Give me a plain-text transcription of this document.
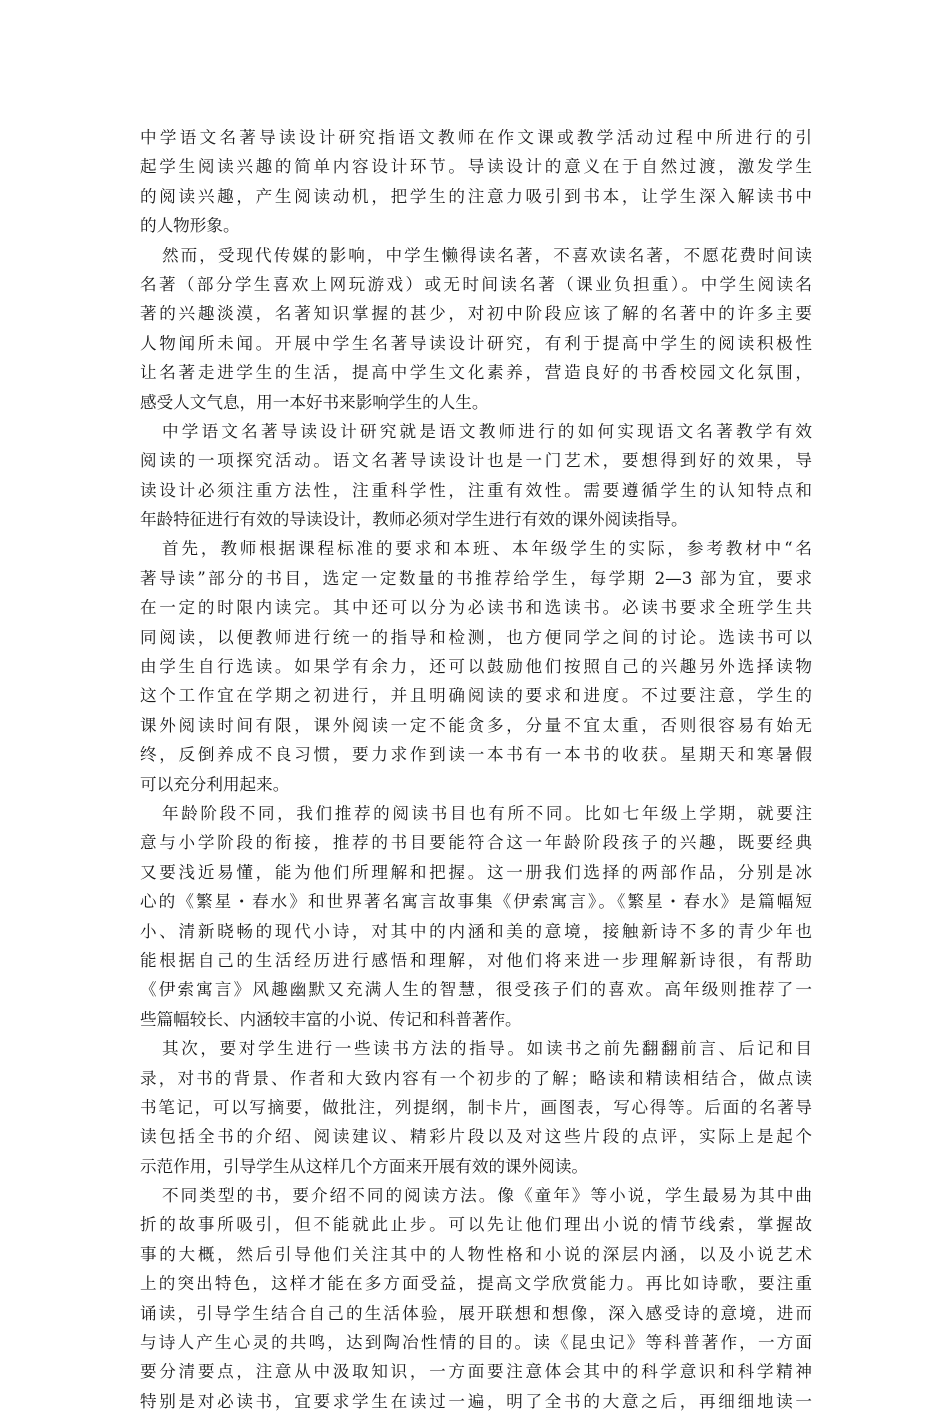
中学语文名著导读设计研究指语文教师在作文课或教学活动过程中所进行的引
起学生阅读兴趣的简单内容设计环节。导读设计的意义在于自然过渡，激发学生
的阅读兴趣，产生阅读动机，把学生的注意力吸引到书本，让学生深入解读书中
的人物形象。
然而，受现代传媒的影响，中学生懒得读名著，不喜欢读名著，不愿花费时间读
名著（部分学生喜欢上网玩游戏）或无时间读名著（课业负担重）。中学生阅读名
著的兴趣淡漠，名著知识掌握的甚少，对初中阶段应该了解的名著中的许多主要
人物闻所未闻。开展中学生名著导读设计研究，有利于提高中学生的阅读积极性
让名著走进学生的生活，提高中学生文化素养，营造良好的书香校园文化氛围，
感受人文气息，用一本好书来影响学生的人生。
中学语文名著导读设计研究就是语文教师进行的如何实现语文名著教学有效
阅读的一项探究活动。语文名著导读设计也是一门艺术，要想得到好的效果，导
读设计必须注重方法性，注重科学性，注重有效性。需要遵循学生的认知特点和
年龄特征进行有效的导读设计，教师必须对学生进行有效的课外阅读指导。
首先，教师根据课程标准的要求和本班、本年级学生的实际，参考教材中“名
著导读”部分的书目，选定一定数量的书推荐给学生，每学期 2—3 部为宜，要求
在一定的时限内读完。其中还可以分为必读书和选读书。必读书要求全班学生共
同阅读，以便教师进行统一的指导和检测，也方便同学之间的讨论。选读书可以
由学生自行选读。如果学有余力，还可以鼓励他们按照自己的兴趣另外选择读物
这个工作宜在学期之初进行，并且明确阅读的要求和进度。不过要注意，学生的
课外阅读时间有限，课外阅读一定不能贪多，分量不宜太重，否则很容易有始无
终，反倒养成不良习惯，要力求作到读一本书有一本书的收获。星期天和寒暑假
可以充分利用起来。
年龄阶段不同，我们推荐的阅读书目也有所不同。比如七年级上学期，就要注
意与小学阶段的衔接，推荐的书目要能符合这一年龄阶段孩子的兴趣，既要经典
又要浅近易懂，能为他们所理解和把握。这一册我们选择的两部作品，分别是冰
心的《繁星・春水》和世界著名寓言故事集《伊索寓言》。《繁星・春水》是篇幅短
小、清新晓畅的现代小诗，对其中的内涵和美的意境，接触新诗不多的青少年也
能根据自己的生活经历进行感悟和理解，对他们将来进一步理解新诗很，有帮助
《伊索寓言》风趣幽默又充满人生的智慧，很受孩子们的喜欢。高年级则推荐了一
些篇幅较长、内涵较丰富的小说、传记和科普著作。
其次，要对学生进行一些读书方法的指导。如读书之前先翻翻前言、后记和目
录，对书的背景、作者和大致内容有一个初步的了解；略读和精读相结合，做点读
书笔记，可以写摘要，做批注，列提纲，制卡片，画图表，写心得等。后面的名著导
读包括全书的介绍、阅读建议、精彩片段以及对这些片段的点评，实际上是起个
示范作用，引导学生从这样几个方面来开展有效的课外阅读。
不同类型的书，要介绍不同的阅读方法。像《童年》等小说，学生最易为其中曲
折的故事所吸引，但不能就此止步。可以先让他们理出小说的情节线索，掌握故
事的大概，然后引导他们关注其中的人物性格和小说的深层内涵，以及小说艺术
上的突出特色，这样才能在多方面受益，提高文学欣赏能力。再比如诗歌，要注重
诵读，引导学生结合自己的生活体验，展开联想和想像，深入感受诗的意境，进而
与诗人产生心灵的共鸣，达到陶冶性情的目的。读《昆虫记》等科普著作，一方面
要分清要点，注意从中汲取知识，一方面要注意体会其中的科学意识和科学精神
特别是对必读书，宜要求学生在读过一遍，明了全书的大意之后，再细细地读一
